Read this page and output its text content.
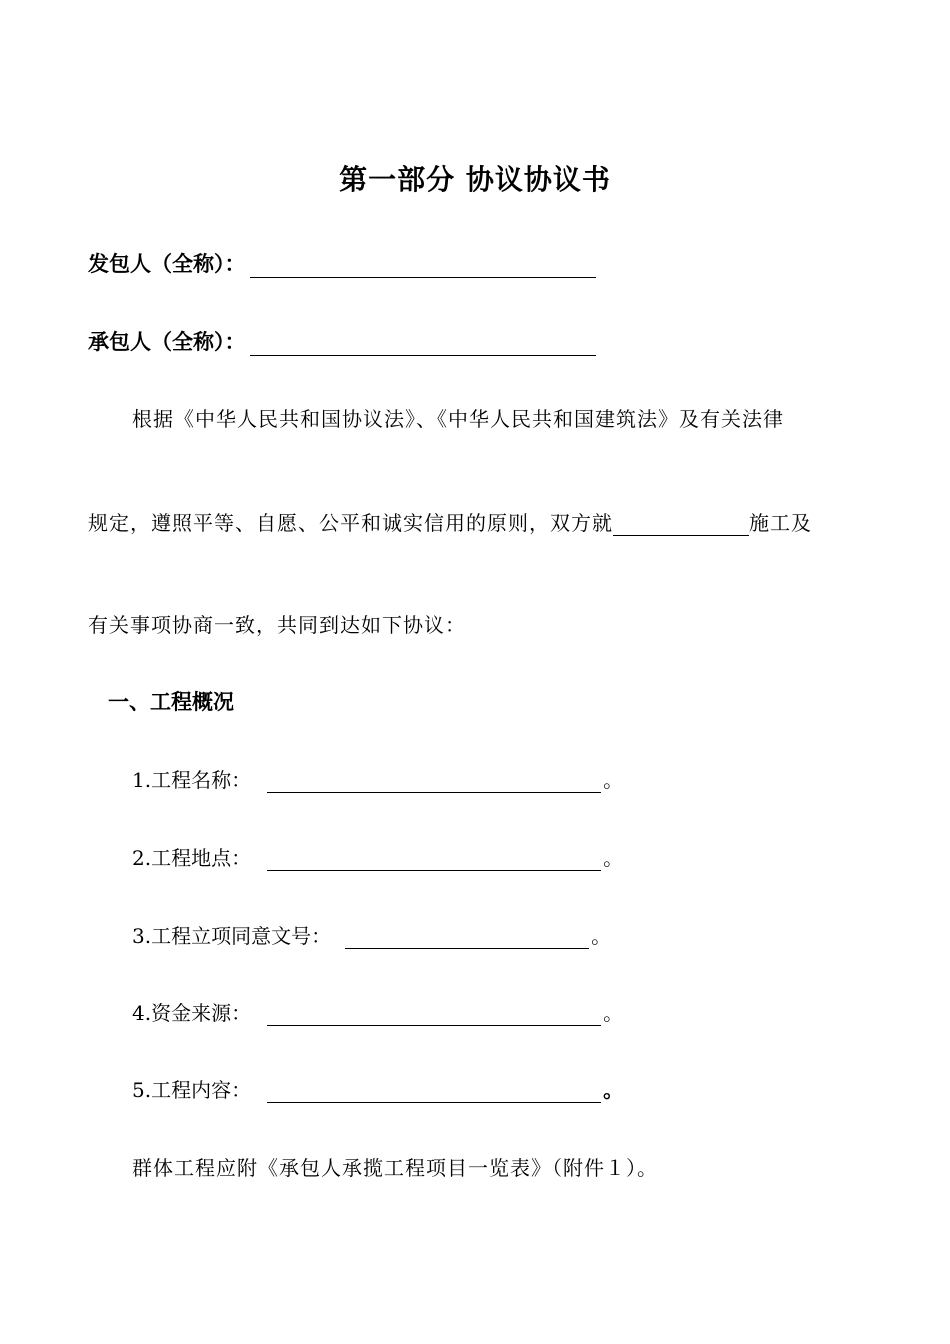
第一部分 协议协议书
发包人（全称）：
承包人（全称）：
根据《中华人民共和国协议法》、《中华人民共和国建筑法》及有关法律
规定，遵照平等、自愿、公平和诚实信用的原则，双方就	施工及
有关事项协商一致，共同到达如下协议：
一、工程概况
1.工程名称：	。
2.工程地点：	。
3.工程立项同意文号：	。
4.资金来源：	。
5.工程内容：	。
群体工程应附《承包人承揽工程项目一览表》（附件１）。
